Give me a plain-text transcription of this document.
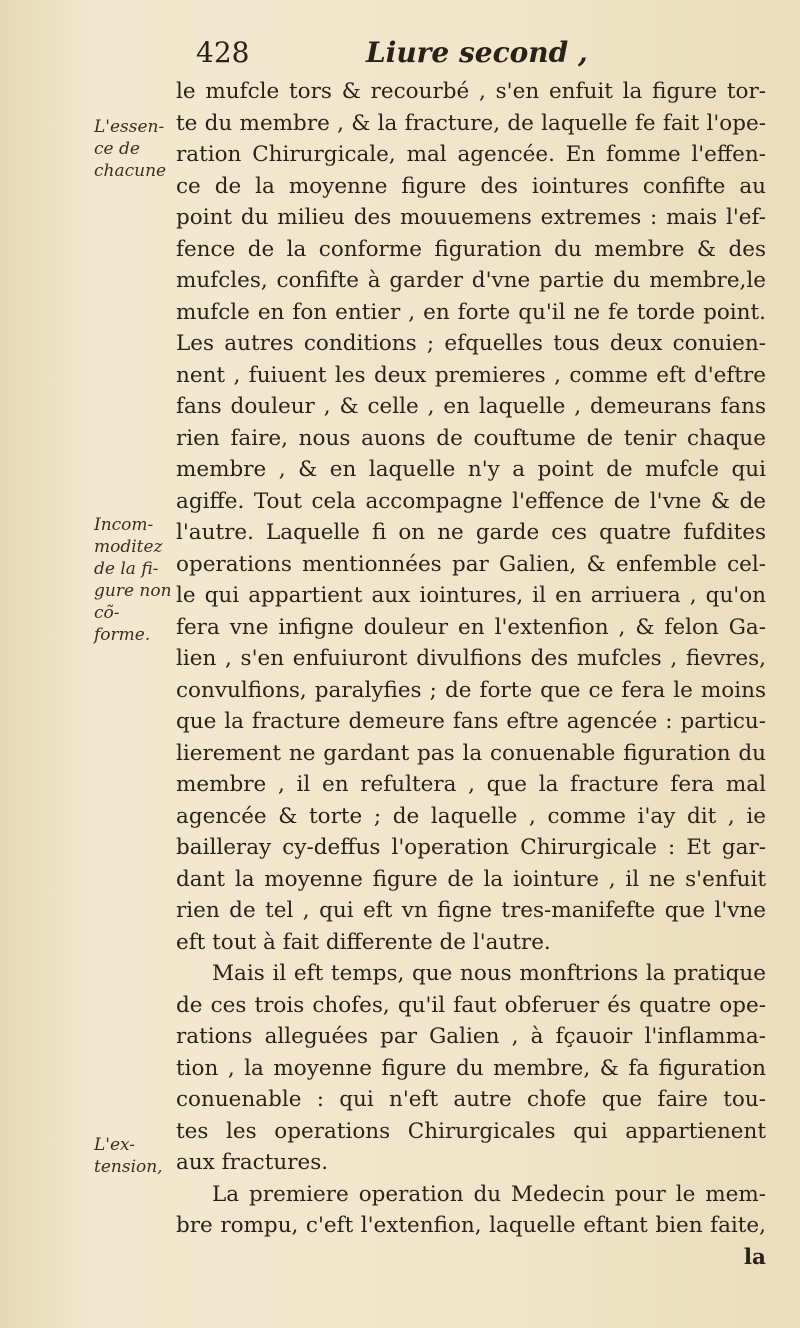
428	Liure second ,
L'essen-ce de chacune
Incom-moditez de la fi-gure non cõ-forme.
L'ex-tension,
le mufcle tors & recourbé , s'en enfuit la figure tor-
te du membre , & la fracture, de laquelle fe fait l'ope-
ration Chirurgicale, mal agencée. En fomme l'effen-
ce de la moyenne figure des iointures confifte au
point du milieu des mouuemens extremes : mais l'ef-
fence de la conforme figuration du membre & des
mufcles, confifte à garder d'vne partie du membre,le
mufcle en fon entier , en forte qu'il ne fe torde point.
Les autres conditions ; efquelles tous deux conuien-
nent , fuiuent les deux premieres , comme eft d'eftre
fans douleur , & celle , en laquelle , demeurans fans
rien faire, nous auons de couftume de tenir chaque
membre , & en laquelle n'y a point de mufcle qui
agiffe. Tout cela accompagne l'effence de l'vne & de
l'autre. Laquelle fi on ne garde ces quatre fufdites
operations mentionnées par Galien, & enfemble cel-
le qui appartient aux iointures, il en arriuera , qu'on
fera vne infigne douleur en l'extenfion , & felon Ga-
lien , s'en enfuiuront divulfions des mufcles , fievres,
convulfions, paralyfies ; de forte que ce fera le moins
que la fracture demeure fans eftre agencée : particu-
lierement ne gardant pas la conuenable figuration du
membre , il en refultera , que la fracture fera mal
agencée & torte ; de laquelle , comme i'ay dit , ie
bailleray cy-deffus l'operation Chirurgicale : Et gar-
dant la moyenne figure de la iointure , il ne s'enfuit
rien de tel , qui eft vn figne tres-manifefte que l'vne
eft tout à fait differente de l'autre.
Mais il eft temps, que nous monftrions la pratique
de ces trois chofes, qu'il faut obferuer és quatre ope-
rations alleguées par Galien , à fçauoir l'inflamma-
tion , la moyenne figure du membre, & fa figuration
conuenable : qui n'eft autre chofe que faire tou-
tes les operations Chirurgicales qui appartienent
aux fractures.
La premiere operation du Medecin pour le mem-
bre rompu, c'eft l'extenfion, laquelle eftant bien faite,
la
